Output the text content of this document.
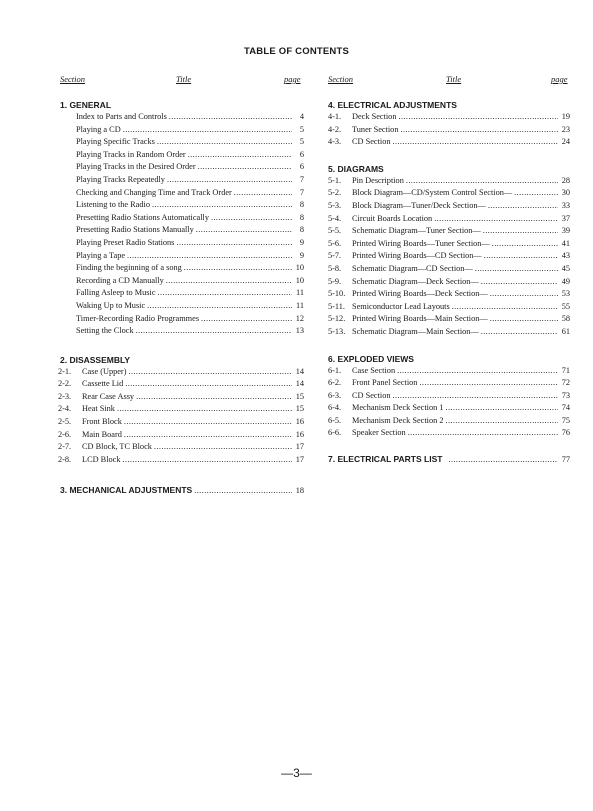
TABLE OF CONTENTS
Section	Title	page	Section	Title	page
1. GENERAL
Index to Parts and Controls .....	4
Playing a CD .....	5
Playing Specific Tracks .....	5
Playing Tracks in Random Order .....	6
Playing Tracks in the Desired Order .....	6
Playing Tracks Repeatedly .....	7
Checking and Changing Time and Track Order .....	7
Listening to the Radio .....	8
Presetting Radio Stations Automatically .....	8
Presetting Radio Stations Manually .....	8
Playing Preset Radio Stations .....	9
Playing a Tape .....	9
Finding the beginning of a song .....	10
Recording a CD Manually .....	10
Falling Asleep to Music .....	11
Waking Up to Music .....	11
Timer-Recording Radio Programmes .....	12
Setting the Clock .....	13
2. DISASSEMBLY
2-1.	Case (Upper) .....	14
2-2.	Cassette Lid .....	14
2-3.	Rear Case Assy .....	15
2-4.	Heat Sink .....	15
2-5.	Front Block .....	16
2-6.	Main Board .....	16
2-7.	CD Block, TC Block .....	17
2-8.	LCD Block .....	17
3. MECHANICAL ADJUSTMENTS .....	18
4. ELECTRICAL ADJUSTMENTS
4-1.	Deck Section .....	19
4-2.	Tuner Section .....	23
4-3.	CD Section .....	24
5. DIAGRAMS
5-1.	Pin Description .....	28
5-2.	Block Diagram—CD/System Control Section— .....	30
5-3.	Block Diagram—Tuner/Deck Section— .....	33
5-4.	Circuit Boards Location .....	37
5-5.	Schematic Diagram—Tuner Section— .....	39
5-6.	Printed Wiring Boards—Tuner Section— .....	41
5-7.	Printed Wiring Boards—CD Section— .....	43
5-8.	Schematic Diagram—CD Section— .....	45
5-9.	Schematic Diagram—Deck Section— .....	49
5-10. Printed Wiring Boards—Deck Section— .....	53
5-11. Semiconductor Lead Layouts .....	55
5-12. Printed Wiring Boards—Main Section— .....	58
5-13. Schematic Diagram—Main Section— .....	61
6. EXPLODED VIEWS
6-1.	Case Section .....	71
6-2.	Front Panel Section .....	72
6-3.	CD Section .....	73
6-4.	Mechanism Deck Section 1 .....	74
6-5.	Mechanism Deck Section 2 .....	75
6-6.	Speaker Section .....	76
7. ELECTRICAL PARTS LIST .....	77
—3—
